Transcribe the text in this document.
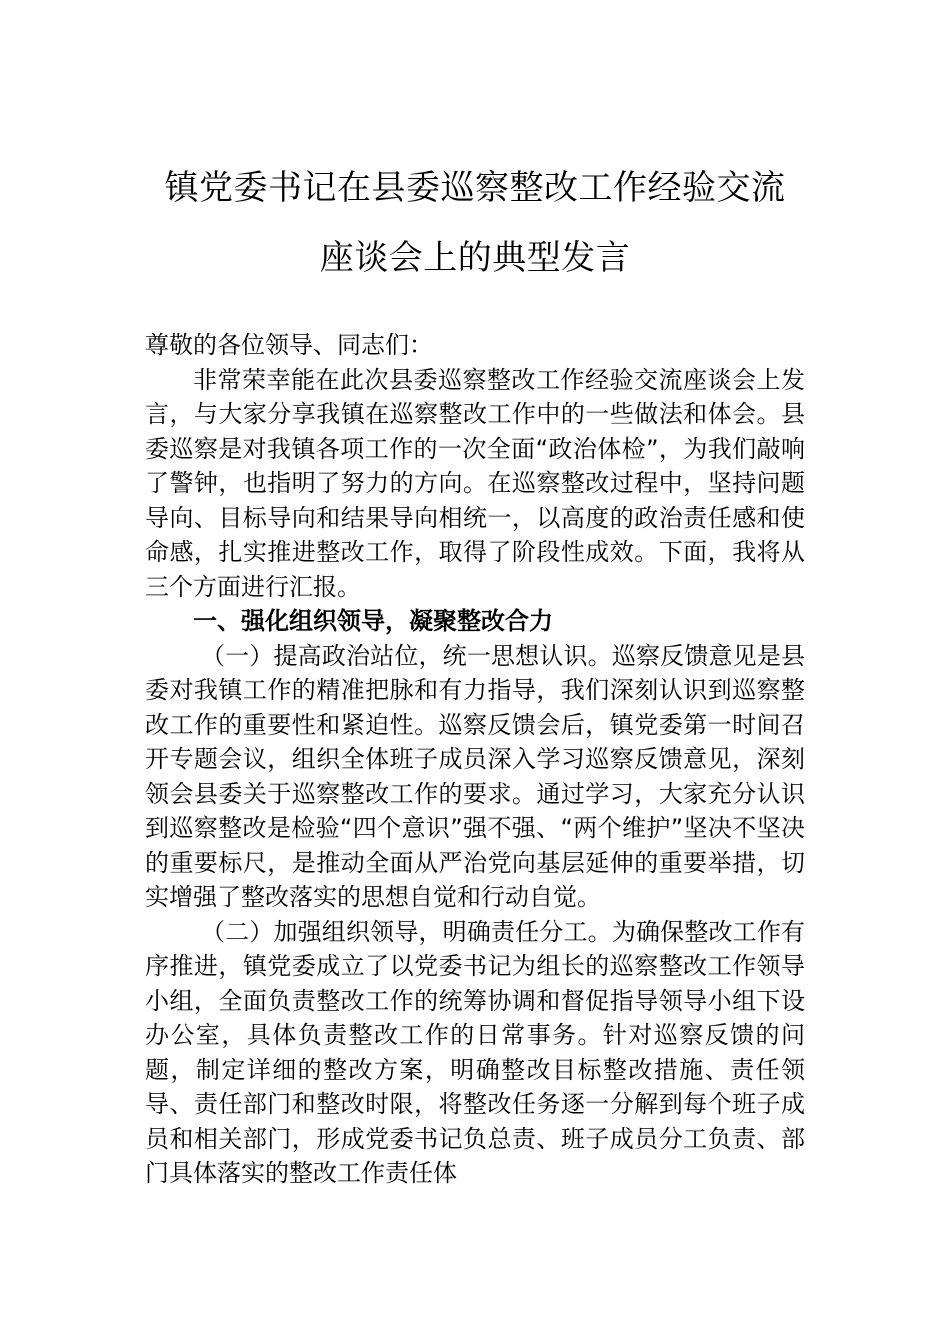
镇党委书记在县委巡察整改工作经验交流
座谈会上的典型发言

尊敬的各位领导、同志们：

非常荣幸能在此次县委巡察整改工作经验交流座谈会上发言，与大家分享我镇在巡察整改工作中的一些做法和体会。县委巡察是对我镇各项工作的一次全面“政治体检”，为我们敲响了警钟，也指明了努力的方向。在巡察整改过程中，坚持问题导向、目标导向和结果导向相统一，以高度的政治责任感和使命感，扎实推进整改工作，取得了阶段性成效。下面，我将从三个方面进行汇报。

一、强化组织领导，凝聚整改合力

（一）提高政治站位，统一思想认识。巡察反馈意见是县委对我镇工作的精准把脉和有力指导，我们深刻认识到巡察整改工作的重要性和紧迫性。巡察反馈会后，镇党委第一时间召开专题会议，组织全体班子成员深入学习巡察反馈意见，深刻领会县委关于巡察整改工作的要求。通过学习，大家充分认识到巡察整改是检验“四个意识”强不强、“两个维护”坚决不坚决的重要标尺，是推动全面从严治党向基层延伸的重要举措，切实增强了整改落实的思想自觉和行动自觉。

（二）加强组织领导，明确责任分工。为确保整改工作有序推进，镇党委成立了以党委书记为组长的巡察整改工作领导小组，全面负责整改工作的统筹协调和督促指导领导小组下设办公室，具体负责整改工作的日常事务。针对巡察反馈的问题，制定详细的整改方案，明确整改目标整改措施、责任领导、责任部门和整改时限，将整改任务逐一分解到每个班子成员和相关部门，形成党委书记负总责、班子成员分工负责、部门具体落实的整改工作责任体
